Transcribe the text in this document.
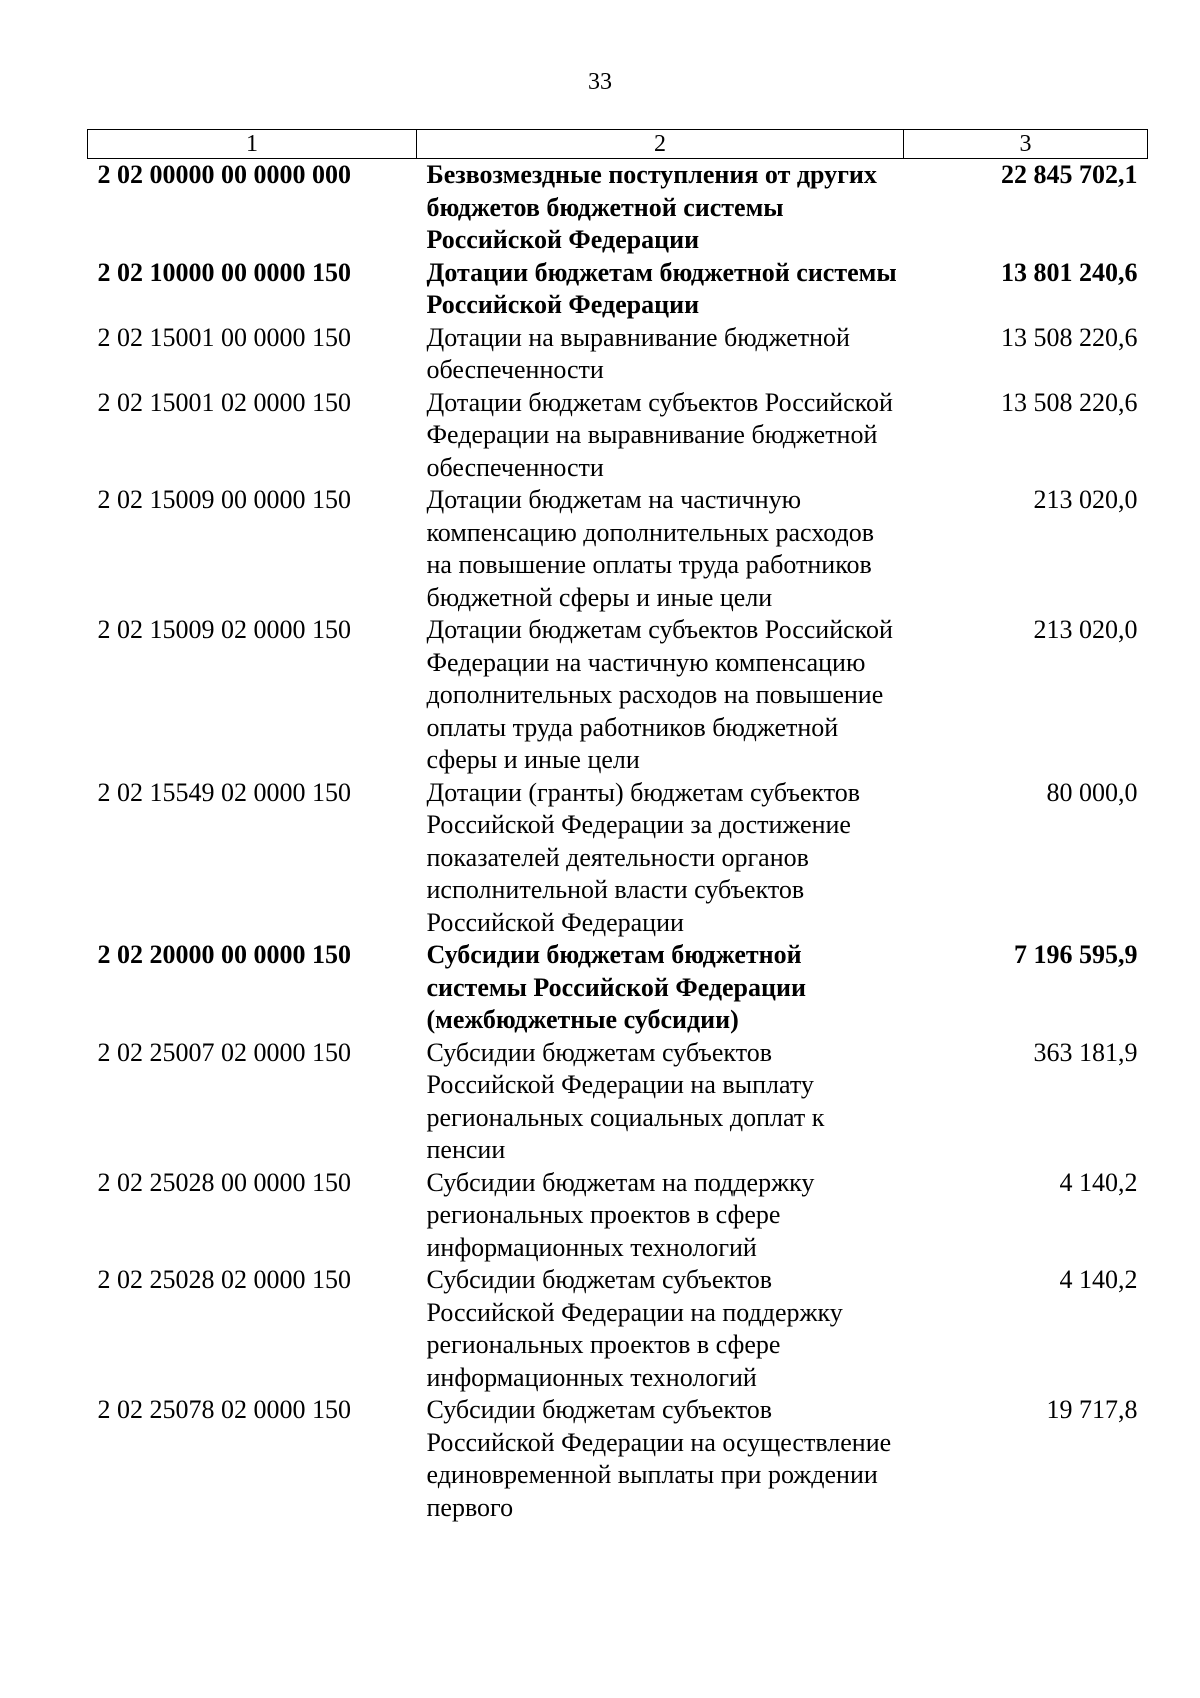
33
1	2	3
2 02 00000 00 0000 000	Безвозмездные поступления от других бюджетов бюджетной системы Российской Федерации	22 845 702,1
2 02 10000 00 0000 150	Дотации бюджетам бюджетной системы Российской Федерации	13 801 240,6
2 02 15001 00 0000 150	Дотации на выравнивание бюджетной обеспеченности	13 508 220,6
2 02 15001 02 0000 150	Дотации бюджетам субъектов Российской Федерации на выравнивание бюджетной обеспеченности	13 508 220,6
2 02 15009 00 0000 150	Дотации бюджетам на частичную компенсацию дополнительных расходов на повышение оплаты труда работников бюджетной сферы и иные цели	213 020,0
2 02 15009 02 0000 150	Дотации бюджетам субъектов Российской Федерации на частичную компенсацию дополнительных расходов на повышение оплаты труда работников бюджетной сферы и иные цели	213 020,0
2 02 15549 02 0000 150	Дотации (гранты) бюджетам субъектов Российской Федерации за достижение показателей деятельности органов исполнительной власти субъектов Российской Федерации	80 000,0
2 02 20000 00 0000 150	Субсидии бюджетам бюджетной системы Российской Федерации (межбюджетные субсидии)	7 196 595,9
2 02 25007 02 0000 150	Субсидии бюджетам субъектов Российской Федерации на выплату региональных социальных доплат к пенсии	363 181,9
2 02 25028 00 0000 150	Субсидии бюджетам на поддержку региональных проектов в сфере информационных технологий	4 140,2
2 02 25028 02 0000 150	Субсидии бюджетам субъектов Российской Федерации на поддержку региональных проектов в сфере информационных технологий	4 140,2
2 02 25078 02 0000 150	Субсидии бюджетам субъектов Российской Федерации на осуществление единовременной выплаты при рождении первого	19 717,8
